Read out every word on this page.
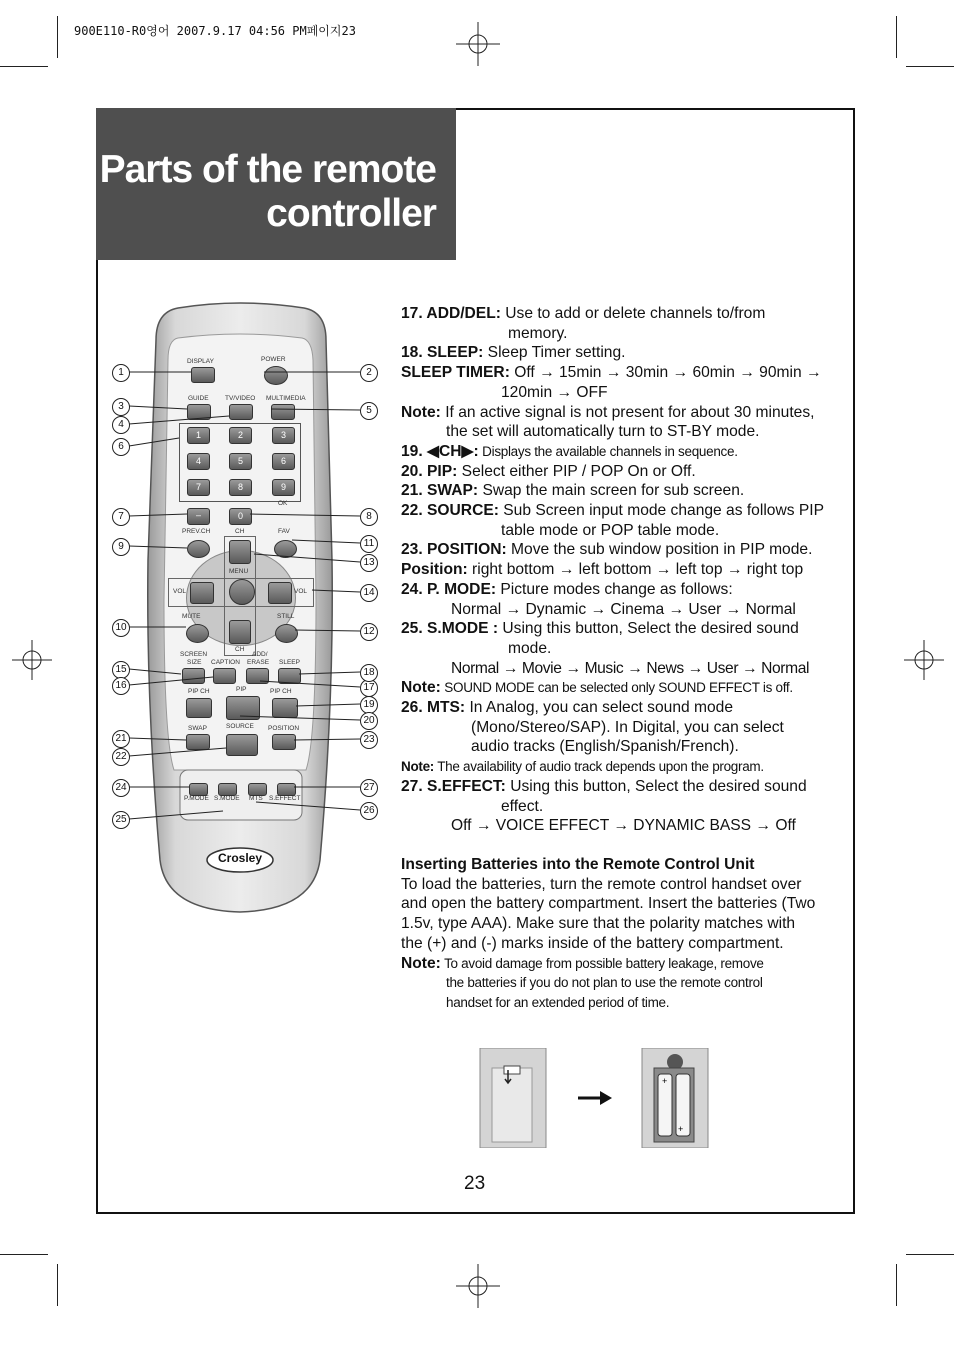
900E110-R0영어 2007.9.17 04:56 PM페이지23
Parts of the remote
controller
DISPLAY	POWER
GUIDE	TV/VIDEO MULTIMEDIA
1	2	3
4	5	6
7	8	9
–	0
OK
PREV.CH	CH	FAV
MENU
VOL	VOL
MUTE	STILL
CH
SCREEN
SIZE CAPTION
ADD/
ERASE SLEEP
PIP CH	PIP	PIP CH
SWAP	SOURCE POSITION
P.MODE S.MODE MTS S.EFFECT
Crosley
1	2
3
4
5
6
7	8
9
10
11
12
13
14
15
16	17
18
19
20
21
22
23
24
25
26
27

17. ADD/DEL: Use to add or delete channels to/from

memory.

18. SLEEP: Sleep Timer setting.

SLEEP TIMER: Off → 15min → 30min → 60min → 90min →

120min → OFF

Note: If an active signal is not present for about 30 minutes,

the set will automatically turn to ST-BY mode.

19. ◀CH▶: Displays the available channels in sequence.

20. PIP: Select either PIP / POP On or Off.

21. SWAP: Swap the main screen for sub screen.

22. SOURCE: Sub Screen input mode change as follows PIP

table mode or POP table mode.

23. POSITION: Move the sub window position in PIP mode.

Position: right bottom → left bottom → left top → right top

24. P. MODE: Picture modes change as follows:

Normal → Dynamic → Cinema → User → Normal

25. S.MODE : Using this button, Select the desired sound

mode.

Normal → Movie → Music → News → User → Normal

Note: SOUND MODE can be selected only SOUND EFFECT is off.

26. MTS: In Analog, you can select sound mode

(Mono/Stereo/SAP). In Digital, you can select

audio tracks (English/Spanish/French).

Note: The availability of audio track depends upon the program.

27. S.EFFECT: Using this button, Select the desired sound

effect.

Off → VOICE EFFECT → DYNAMIC BASS → Off

Inserting Batteries into the Remote Control Unit

To load the batteries, turn the remote control handset over

and open the battery compartment. Insert the batteries (Two

1.5v, type AAA). Make sure that the polarity matches with

the (+) and (-) marks inside of the battery compartment.

Note: To avoid damage from possible battery leakage, remove

the batteries if you do not plan to use the remote control

handset for an extended period of time.

+
+
23
